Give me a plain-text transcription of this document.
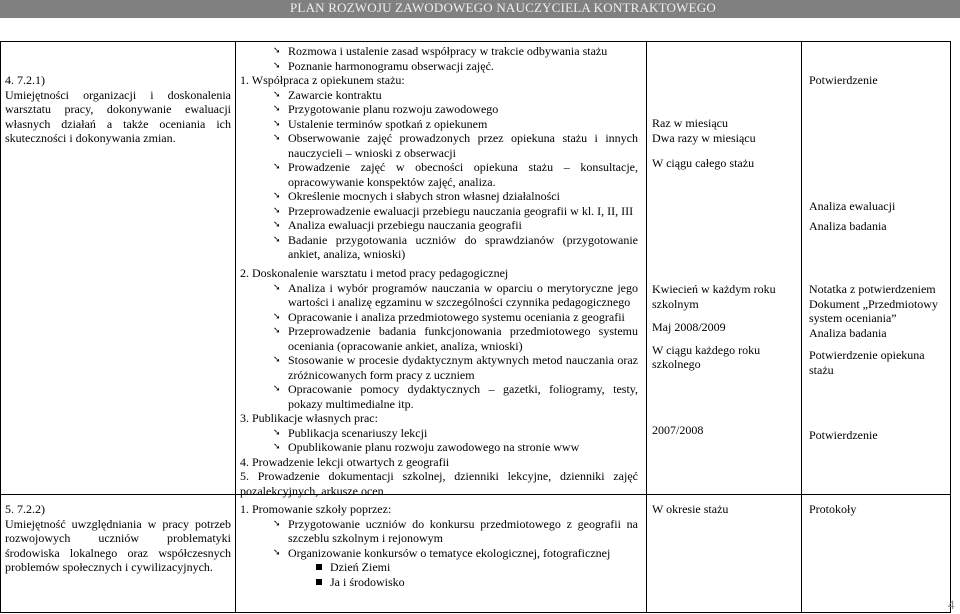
PLAN ROZWOJU ZAWODOWEGO NAUCZYCIELA KONTRAKTOWEGO
4. 7.2.1)
Umiejętności organizacji i doskonalenia warsztatu pracy, dokonywanie ewaluacji własnych działań a także oceniania ich skuteczności i dokonywania zmian.
➘ Rozmowa i ustalenie zasad współpracy w trakcie odbywania stażu
➘ Poznanie harmonogramu obserwacji zajęć.
1. Współpraca z opiekunem stażu:
➘ Zawarcie kontraktu
➘ Przygotowanie planu rozwoju zawodowego
➘ Ustalenie terminów spotkań z opiekunem
➘ Obserwowanie zajęć prowadzonych przez opiekuna stażu i innych nauczycieli – wnioski z obserwacji
➘ Prowadzenie zajęć w obecności opiekuna stażu – konsultacje, opracowywanie konspektów zajęć, analiza.
➘ Określenie mocnych i słabych stron własnej działalności
➘ Przeprowadzenie ewaluacji przebiegu nauczania geografii w kl. I, II, III
➘ Analiza ewaluacji przebiegu nauczania geografii
➘ Badanie przygotowania uczniów do sprawdzianów (przygotowanie ankiet, analiza, wnioski)
2. Doskonalenie warsztatu i metod pracy pedagogicznej
➘ Analiza i wybór programów nauczania w oparciu o merytoryczne jego wartości i analizę egzaminu w szczególności czynnika pedagogicznego
➘ Opracowanie i analiza przedmiotowego systemu oceniania z geografii
➘ Przeprowadzenie badania funkcjonowania przedmiotowego systemu oceniania (opracowanie ankiet, analiza, wnioski)
➘ Stosowanie w procesie dydaktycznym aktywnych metod nauczania oraz zróżnicowanych form pracy z uczniem
➘ Opracowanie pomocy dydaktycznych – gazetki, foliogramy, testy, pokazy multimedialne itp.
3. Publikacje własnych prac:
➘ Publikacja scenariuszy lekcji
➘ Opublikowanie planu rozwoju zawodowego na stronie www
4. Prowadzenie lekcji otwartych z geografii
5. Prowadzenie dokumentacji szkolnej, dzienniki lekcyjne, dzienniki zajęć pozalekcyjnych, arkusze ocen
Raz w miesiącu
Dwa razy w miesiącu
W ciągu całego stażu
Kwiecień w każdym roku szkolnym
Maj 2008/2009
W ciągu każdego roku szkolnego
2007/2008
Potwierdzenie
Analiza ewaluacji
Analiza badania
Notatka z potwierdzeniem
Dokument „Przedmiotowy system oceniania”
Analiza badania
Potwierdzenie opiekuna stażu
Potwierdzenie
5. 7.2.2)
Umiejętność uwzględniania w pracy potrzeb rozwojowych uczniów problematyki środowiska lokalnego oraz współczesnych problemów społecznych i cywilizacyjnych.
1. Promowanie szkoły poprzez:
➘ Przygotowanie uczniów do konkursu przedmiotowego z geografii na szczeblu szkolnym i rejonowym
➘ Organizowanie konkursów o tematyce ekologicznej, fotograficznej
Dzień Ziemi
Ja i środowisko
W okresie stażu	Protokoły
4
